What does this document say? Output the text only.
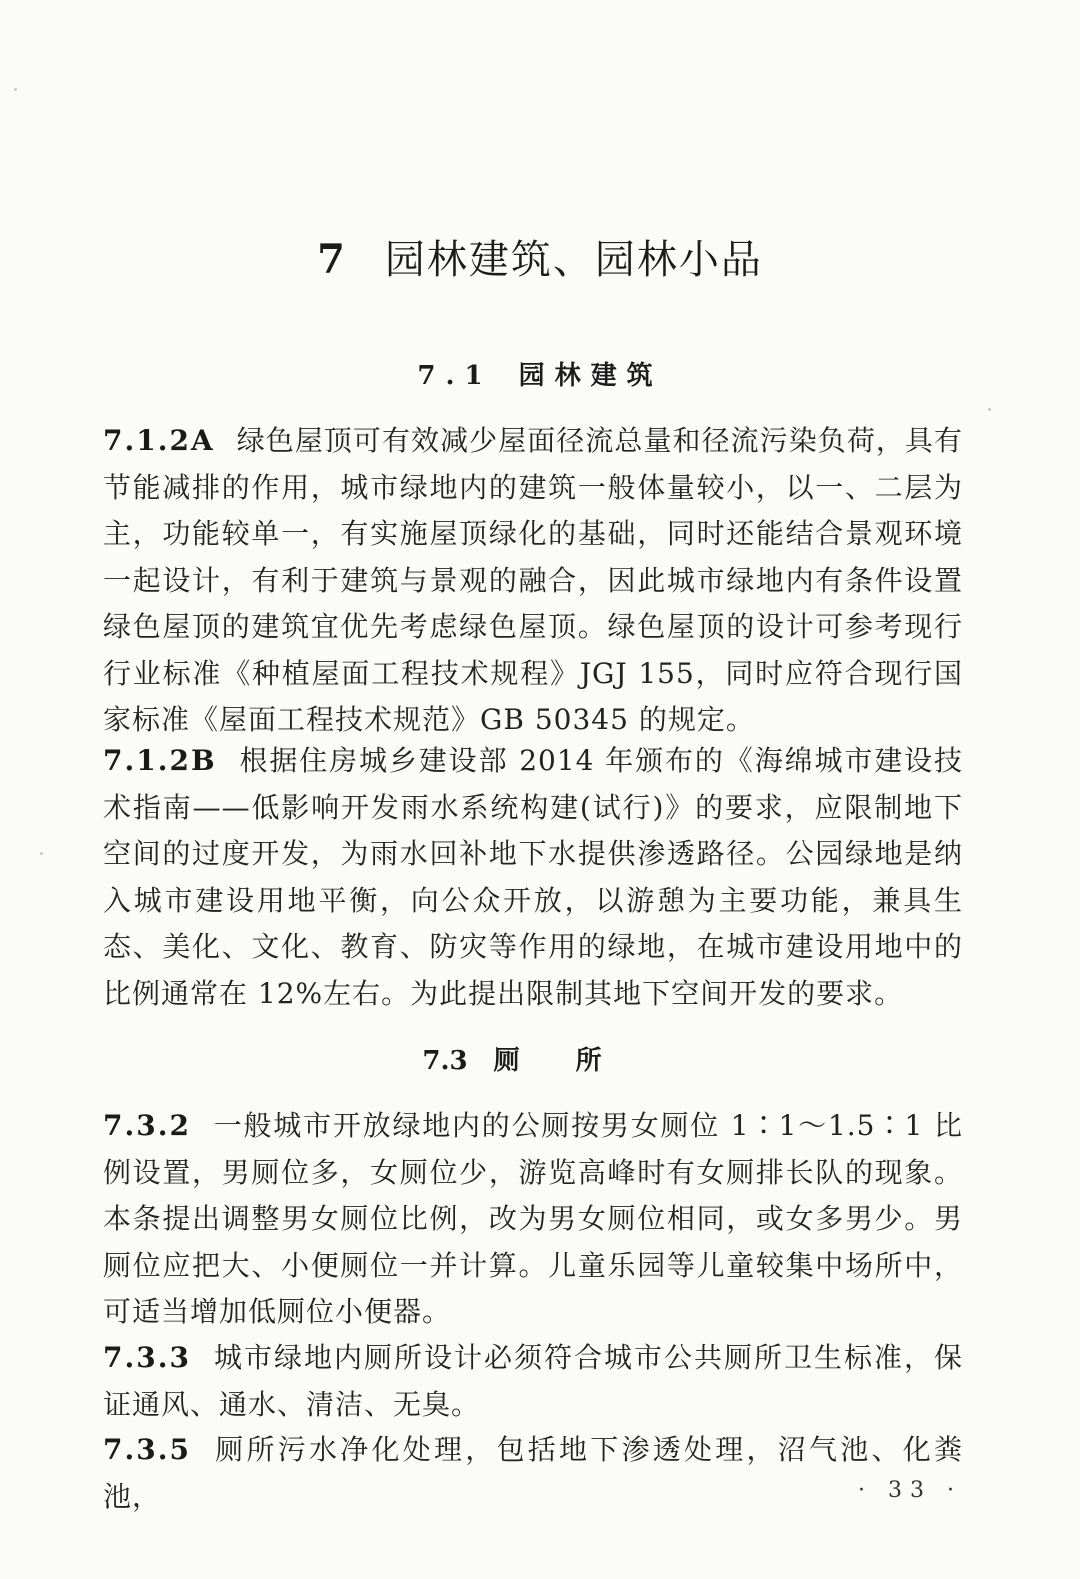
7 园林建筑、园林小品
7.1 园林建筑
7.1.2A 绿色屋顶可有效减少屋面径流总量和径流污染负荷，具有节能减排的作用，城市绿地内的建筑一般体量较小，以一、二层为主，功能较单一，有实施屋顶绿化的基础，同时还能结合景观环境一起设计，有利于建筑与景观的融合，因此城市绿地内有条件设置绿色屋顶的建筑宜优先考虑绿色屋顶。绿色屋顶的设计可参考现行行业标准《种植屋面工程技术规程》JGJ 155，同时应符合现行国家标准《屋面工程技术规范》GB 50345 的规定。
7.1.2B 根据住房城乡建设部 2014 年颁布的《海绵城市建设技术指南——低影响开发雨水系统构建(试行)》的要求，应限制地下空间的过度开发，为雨水回补地下水提供渗透路径。公园绿地是纳入城市建设用地平衡，向公众开放，以游憩为主要功能，兼具生态、美化、文化、教育、防灾等作用的绿地，在城市建设用地中的比例通常在 12%左右。为此提出限制其地下空间开发的要求。
7.3 厕所
7.3.2 一般城市开放绿地内的公厕按男女厕位 1∶1～1.5∶1 比例设置，男厕位多，女厕位少，游览高峰时有女厕排长队的现象。本条提出调整男女厕位比例，改为男女厕位相同，或女多男少。男厕位应把大、小便厕位一并计算。儿童乐园等儿童较集中场所中，可适当增加低厕位小便器。
7.3.3 城市绿地内厕所设计必须符合城市公共厕所卫生标准，保证通风、通水、清洁、无臭。
7.3.5 厕所污水净化处理，包括地下渗透处理，沼气池、化粪池，	· 33 ·
